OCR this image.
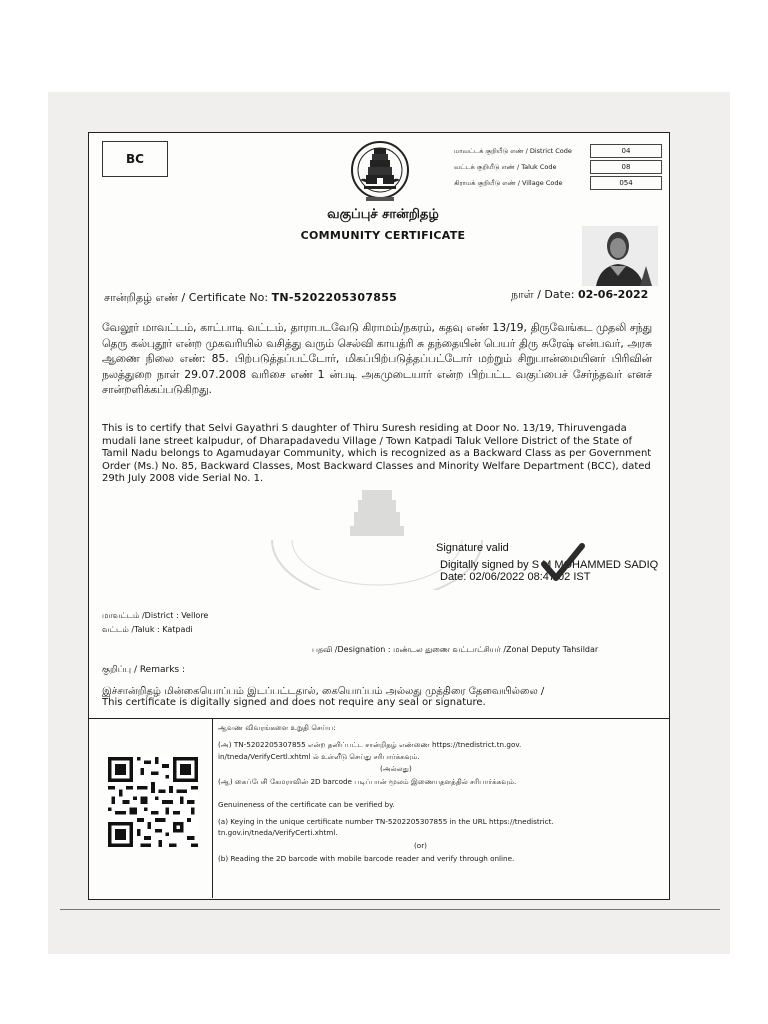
BC
மாவட்டக் குறியீடு எண் / District Code	04
வட்டக் குறியீடு எண் / Taluk Code	08
கிராமக் குறியீடு எண் / Village Code	054
வகுப்புச் சான்றிதழ்
COMMUNITY CERTIFICATE
சான்றிதழ் எண் / Certificate No: TN-5202205307855	நாள் / Date: 02-06-2022
வேலூர் மாவட்டம், காட்பாடி வட்டம், தாராபடவேடு கிராமம்/நகரம், கதவு எண் 13/19, திருவேங்கட முதலி சந்து தெரு கல்புதூர் என்ற முகவரியில் வசித்து வரும் செல்வி காயத்ரி சு தந்தையின் பெயர் திரு சுரேஷ் என்பவர், அரசு ஆணை நிலை எண்: 85. பிற்படுத்தப்பட்டோர், மிகப்பிற்படுத்தப்பட்டோர் மற்றும் சிறுபான்மையினர் பிரிவின் நலத்துறை நாள் 29.07.2008 வரிசை எண் 1 ன்படி அகமுடையார் என்ற பிற்பட்ட வகுப்பைச் சேர்ந்தவர் எனச் சான்றளிக்கப்படுகிறது.
This is to certify that Selvi Gayathri S daughter of Thiru Suresh residing at Door No. 13/19, Thiruvengada mudali lane street kalpudur, of Dharapadavedu Village / Town Katpadi Taluk Vellore District of the State of Tamil Nadu belongs to Agamudayar Community, which is recognized as a Backward Class as per Government Order (Ms.) No. 85, Backward Classes, Most Backward Classes and Minority Welfare Department (BCC), dated 29th July 2008 vide Serial No. 1.
Signature valid
Digitally signed by S M MOHAMMED SADIQ
Date: 02/06/2022 08:47:02 IST
மாவட்டம் /District : Vellore
வட்டம் /Taluk : Katpadi
பதவி /Designation : மண்டல துணை வட்டாட்சியர் /Zonal Deputy Tahsildar
குறிப்பு / Remarks :
இச்சான்றிதழ் மின்கையொப்பம் இடப்பட்டதால், கையொப்பம் அல்லது முத்திரை தேவையில்லை /
This certificate is digitally signed and does not require any seal or signature.
ஆவண விவரங்களை உறுதி செய்ய:
(அ) TN-5202205307855 என்ற தனிப்பட்ட சான்றிதழ் எண்ணை https://tnedistrict.tn.gov.
in/tneda/VerifyCertl.xhtml ல் உள்ளீடு செய்து சரிபார்க்கவும்.
(அல்லது)
(ஆ) கைப்பேசி கேமராவின் 2D barcode படிப்பான் மூலம் இணையதளத்தில் சரிபார்க்கவும்.
Genuineness of the certificate can be verified by.
(a) Keying in the unique certificate number TN-5202205307855 in the URL https://tnedistrict.
tn.gov.in/tneda/VerifyCerti.xhtml.
(or)
(b) Reading the 2D barcode with mobile barcode reader and verify through online.
